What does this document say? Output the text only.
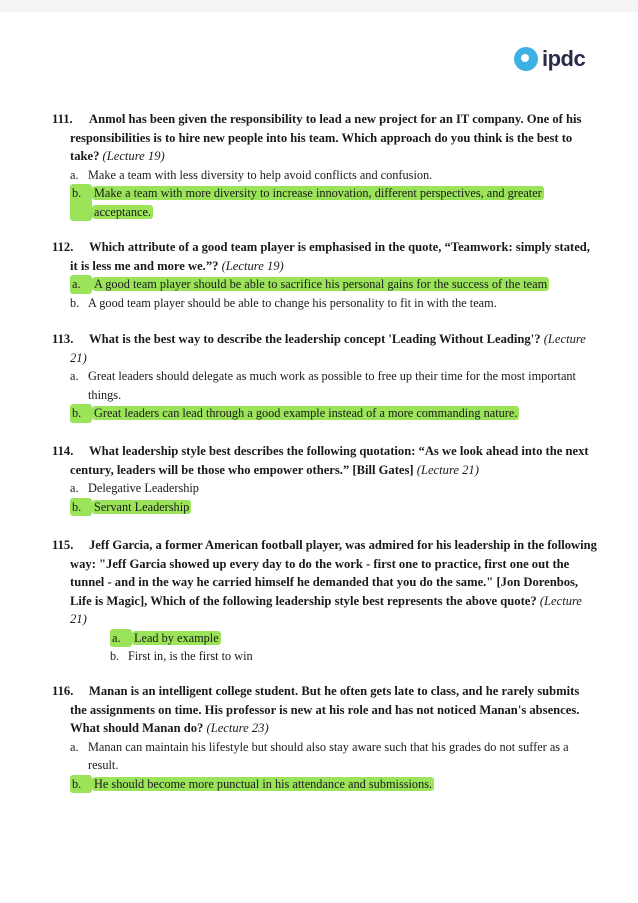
ipdc
111. Anmol has been given the responsibility to lead a new project for an IT company. One of his responsibilities is to hire new people into his team. Which approach do you think is the best to take? (Lecture 19)
a. Make a team with less diversity to help avoid conflicts and confusion.
b.	Make a team with more diversity to increase innovation, different perspectives, and greater acceptance.
112. Which attribute of a good team player is emphasised in the quote, “Teamwork: simply stated, it is less me and more we.”? (Lecture 19)
a.	A good team player should be able to sacrifice his personal gains for the success of the team
b. A good team player should be able to change his personality to fit in with the team.
113. What is the best way to describe the leadership concept 'Leading Without Leading'? (Lecture 21)
a. Great leaders should delegate as much work as possible to free up their time for the most important things.
b.	Great leaders can lead through a good example instead of a more commanding nature.
114. What leadership style best describes the following quotation: “As we look ahead into the next century, leaders will be those who empower others.” [Bill Gates] (Lecture 21)
a. Delegative Leadership
b.	Servant Leadership
115. Jeff Garcia, a former American football player, was admired for his leadership in the following way: "Jeff Garcia showed up every day to do the work - first one to practice, first one out the tunnel - and in the way he carried himself he demanded that you do the same." [Jon Dorenbos, Life is Magic], Which of the following leadership style best represents the above quote? (Lecture 21)
a.	Lead by example
b. First in, is the first to win
116. Manan is an intelligent college student. But he often gets late to class, and he rarely submits the assignments on time. His professor is new at his role and has not noticed Manan's absences. What should Manan do? (Lecture 23)
a. Manan can maintain his lifestyle but should also stay aware such that his grades do not suffer as a result.
b.	He should become more punctual in his attendance and submissions.
